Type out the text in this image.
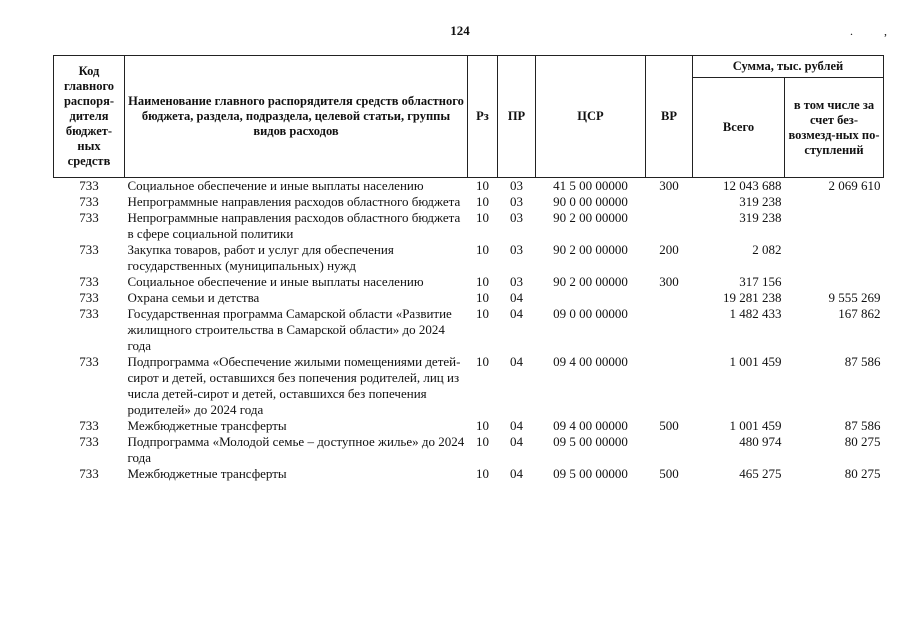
124	. ,
Код главного распоря-дителя бюджет-ных средств	Наименование главного распорядителя средств областного бюджета, раздела, подраздела, целевой статьи, группы видов расходов	Рз	ПР	ЦСР	ВР	Сумма, тыс. рублей	
						Всего	в том числе за счет без-возмезд-ных по-ступлений
733	Социальное обеспечение и иные выплаты населению	10	03	41 5 00 00000	300	12 043 688	2 069 610
733	Непрограммные направления расходов областного бюджета	10	03	90 0 00 00000		319 238	
733	Непрограммные направления расходов областного бюджета в сфере социальной политики	10	03	90 2 00 00000		319 238	
733	Закупка товаров, работ и услуг для обеспечения государственных (муниципальных) нужд	10	03	90 2 00 00000	200	2 082	
733	Социальное обеспечение и иные выплаты населению	10	03	90 2 00 00000	300	317 156	
733	Охрана семьи и детства	10	04			19 281 238	9 555 269
733	Государственная программа Самарской области «Развитие жилищного строительства в Самарской области» до 2024 года	10	04	09 0 00 00000		1 482 433	167 862
733	Подпрограмма «Обеспечение жилыми помещениями детей-сирот и детей, оставшихся без попечения родителей, лиц из числа детей-сирот и детей, оставшихся без попечения родителей» до 2024 года	10	04	09 4 00 00000		1 001 459	87 586
733	Межбюджетные трансферты	10	04	09 4 00 00000	500	1 001 459	87 586
733	Подпрограмма «Молодой семье – доступное жилье» до 2024 года	10	04	09 5 00 00000		480 974	80 275
733	Межбюджетные трансферты	10	04	09 5 00 00000	500	465 275	80 275
